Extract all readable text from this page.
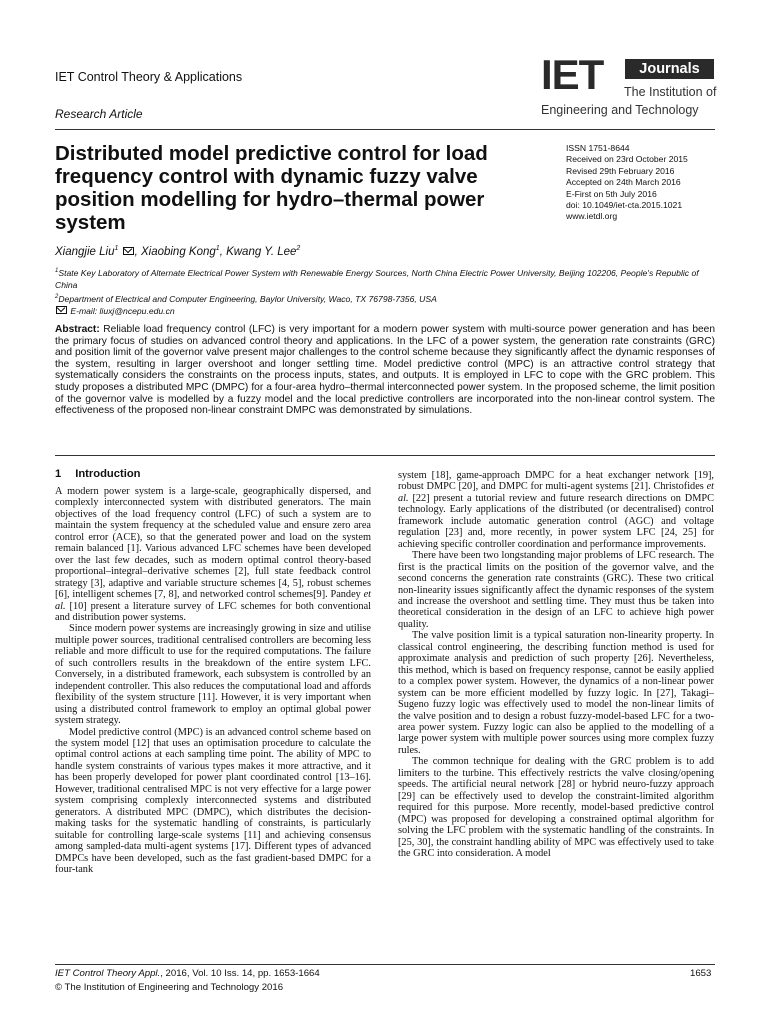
IET Control Theory & Applications
Research Article
IET	Journals
The Institution of
Engineering and Technology
Distributed model predictive control for load frequency control with dynamic fuzzy valve position modelling for hydro–thermal power system
ISSN 1751-8644
Received on 23rd October 2015
Revised 29th February 2016
Accepted on 24th March 2016
E-First on 5th July 2016
doi: 10.1049/iet-cta.2015.1021
www.ietdl.org
Xiangjie Liu$^1$ , Xiaobing Kong$^1$, Kwang Y. Lee$^2$
$^1$State Key Laboratory of Alternate Electrical Power System with Renewable Energy Sources, North China Electric Power University, Beijing 102206, People's Republic of China
$^2$Department of Electrical and Computer Engineering, Baylor University, Waco, TX 76798-7356, USA
E-mail: liuxj@ncepu.edu.cn
Abstract: Reliable load frequency control (LFC) is very important for a modern power system with multi-source power generation and has been the primary focus of studies on advanced control theory and applications. In the LFC of a power system, the generation rate constraints (GRC) and position limit of the governor valve present major challenges to the control scheme because they significantly affect the dynamic responses of the system, resulting in larger overshoot and longer settling time. Model predictive control (MPC) is an attractive control strategy that systematically considers the constraints on the process inputs, states, and outputs. It is employed in LFC to cope with the GRC problem. This study proposes a distributed MPC (DMPC) for a four-area hydro–thermal interconnected power system. In the proposed scheme, the limit position of the governor valve is modelled by a fuzzy model and the local predictive controllers are incorporated into the non-linear control system. The effectiveness of the proposed non-linear constraint DMPC was demonstrated by simulations.
1 Introduction

A modern power system is a large-scale, geographically dispersed, and complexly interconnected system with distributed generators. The main objectives of the load frequency control (LFC) of such a system are to maintain the system frequency at the scheduled value and ensure zero area control error (ACE), so that the generated power and load on the system remain balanced [1]. Various advanced LFC schemes have been developed over the last few decades, such as modern optimal control theory-based proportional–integral–derivative schemes [2], full state feedback control strategy [3], adaptive and variable structure schemes [4, 5], robust schemes [6], intelligent schemes [7, 8], and networked control schemes[9]. Pandey et al. [10] present a literature survey of LFC schemes for both conventional and distribution power systems.

Since modern power systems are increasingly growing in size and utilise multiple power sources, traditional centralised controllers are becoming less reliable and more difficult to use for the required computations. The failure of such controllers results in the breakdown of the entire system LFC. Conversely, in a distributed framework, each subsystem is controlled by an independent controller. This also reduces the computational load and affords flexibility of the system structure [11]. However, it is very important when using a distributed control framework to employ an optimal global power system strategy.

Model predictive control (MPC) is an advanced control scheme based on the system model [12] that uses an optimisation procedure to calculate the optimal control actions at each sampling time point. The ability of MPC to handle system constraints of various types makes it more attractive, and it has been properly developed for power plant coordinated control [13–16]. However, traditional centralised MPC is not very effective for a large power system comprising complexly interconnected systems and distributed generators. A distributed MPC (DMPC), which distributes the decision-making tasks for the systematic handling of constraints, is particularly suitable for controlling large-scale systems [11] and achieving consensus among sampled-data multi-agent systems [17]. Different types of advanced DMPCs have been developed, such as the fast gradient-based DMPC for a four-tank

system [18], game-approach DMPC for a heat exchanger network [19], robust DMPC [20], and DMPC for multi-agent systems [21]. Christofides et al. [22] present a tutorial review and future research directions on DMPC technology. Early applications of the distributed (or decentralised) control framework include automatic generation control (AGC) and voltage regulation [23] and, more recently, in power system LFC [24, 25] for achieving specific controller coordination and performance improvements.

There have been two longstanding major problems of LFC research. The first is the practical limits on the position of the governor valve, and the second concerns the generation rate constraints (GRC). These two critical non-linearity issues significantly affect the dynamic responses of the system and increase the overshoot and settling time. They must thus be taken into theoretical consideration in the design of an LFC to achieve high power quality.

The valve position limit is a typical saturation non-linearity property. In classical control engineering, the describing function method is used for approximate analysis and prediction of such property [26]. Nevertheless, this method, which is based on frequency response, cannot be easily applied to a complex power system. However, the dynamics of a non-linear power system can be more efficient modelled by fuzzy logic. In [27], Takagi–Sugeno fuzzy logic was effectively used to model the non-linear limits of the valve position and to design a robust fuzzy-model-based LFC for a two-area power system. Fuzzy logic can also be applied to the modelling of a large power system with multiple power sources using more complex fuzzy rules.

The common technique for dealing with the GRC problem is to add limiters to the turbine. This effectively restricts the valve closing/opening speeds. The artificial neural network [28] or hybrid neuro-fuzzy approach [29] can be effectively used to develop the constraint-limited algorithm required for this purpose. More recently, model-based predictive control (MPC) was proposed for developing a constrained optimal algorithm for solving the LFC problem with the systematic handling of the constraints. In [25, 30], the constraint handling ability of MPC was effectively used to take the GRC into consideration. A model

IET Control Theory Appl., 2016, Vol. 10 Iss. 14, pp. 1653-1664
© The Institution of Engineering and Technology 2016
1653
